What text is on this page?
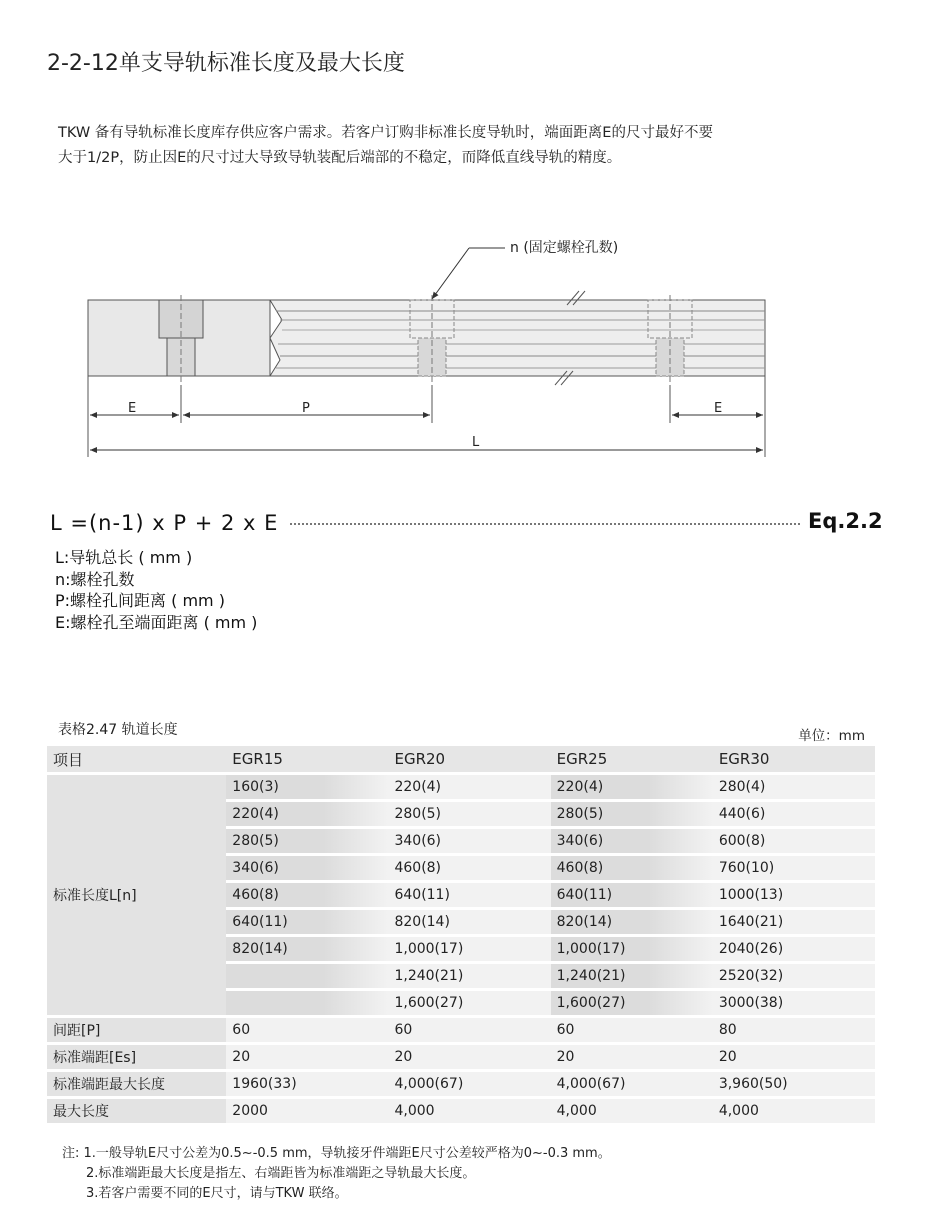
2-2-12单支导轨标准长度及最大长度
TKW 备有导轨标准长度库存供应客户需求。若客户订购非标准长度导轨时，端面距离E的尺寸最好不要
大于1/2P，防止因E的尺寸过大导致导轨装配后端部的不稳定，而降低直线导轨的精度。
n (固定螺栓孔数)
E	P	E
L
L =(n-1) x P + 2 x E	Eq.2.2
L:导轨总长 ( mm )
n:螺栓孔数
P:螺栓孔间距离 ( mm )
E:螺栓孔至端面距离 ( mm )
表格2.47 轨道长度	单位：mm
项目	EGR15	EGR20	EGR25	EGR30
标准长度L[n]	160(3)	220(4)	220(4)	280(4)
	220(4)	280(5)	280(5)	440(6)
	280(5)	340(6)	340(6)	600(8)
	340(6)	460(8)	460(8)	760(10)
	460(8)	640(11)	640(11)	1000(13)
	640(11)	820(14)	820(14)	1640(21)
	820(14)	1,000(17)	1,000(17)	2040(26)
		1,240(21)	1,240(21)	2520(32)
		1,600(27)	1,600(27)	3000(38)
间距[P]	60	60	60	80
标准端距[Es]	20	20	20	20
标准端距最大长度	1960(33)	4,000(67)	4,000(67)	3,960(50)
最大长度	2000	4,000	4,000	4,000
注: 1.一般导轨E尺寸公差为0.5~-0.5 mm，导轨接牙件端距E尺寸公差较严格为0~-0.3 mm。
2.标准端距最大长度是指左、右端距皆为标准端距之导轨最大长度。
3.若客户需要不同的E尺寸，请与TKW 联络。
